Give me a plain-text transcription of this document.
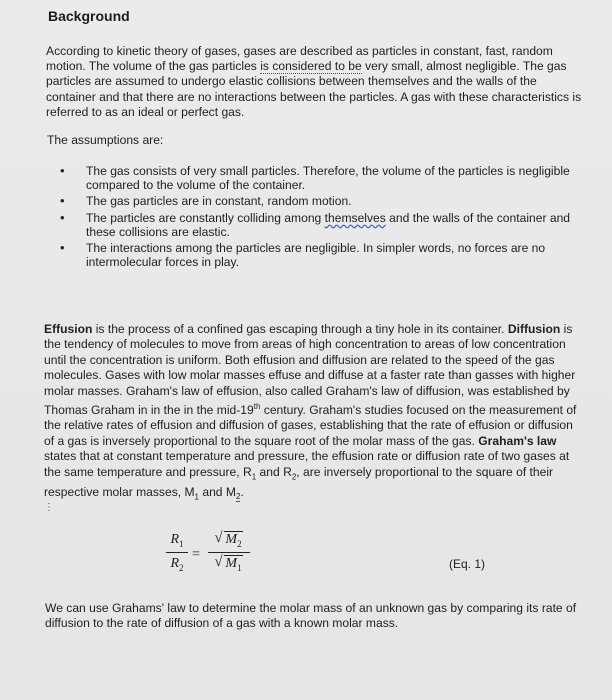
Background
According to kinetic theory of gases, gases are described as particles in constant, fast, random motion. The volume of the gas particles is considered to be very small, almost negligible. The gas particles are assumed to undergo elastic collisions between themselves and the walls of the container and that there are no interactions between the particles. A gas with these characteristics is referred to as an ideal or perfect gas.
The assumptions are:
• The gas consists of very small particles. Therefore, the volume of the particles is negligible compared to the volume of the container.
• The gas particles are in constant, random motion.
• The particles are constantly colliding among themselves and the walls of the container and these collisions are elastic.
• The interactions among the particles are negligible. In simpler words, no forces are no intermolecular forces in play.
Effusion is the process of a confined gas escaping through a tiny hole in its container. Diffusion is the tendency of molecules to move from areas of high concentration to areas of low concentration until the concentration is uniform. Both effusion and diffusion are related to the speed of the gas molecules. Gases with low molar masses effuse and diffuse at a faster rate than gasses with higher molar masses. Graham's law of effusion, also called Graham's law of diffusion, was established by Thomas Graham in in the in the mid-19th century. Graham's studies focused on the measurement of the relative rates of effusion and diffusion of gases, establishing that the rate of effusion or diffusion of a gas is inversely proportional to the square root of the molar mass of the gas. Graham's law states that at constant temperature and pressure, the effusion rate or diffusion rate of two gases at the same temperature and pressure, $R_1$ and $R_2$, are inversely proportional to the square of their respective molar masses, $M_1$ and $M_2$.
⋮
$\frac{R_1}{R_2}$ =
√ $M_2$
√ $M_1$	(Eq. 1)
We can use Grahams' law to determine the molar mass of an unknown gas by comparing its rate of diffusion to the rate of diffusion of a gas with a known molar mass.
